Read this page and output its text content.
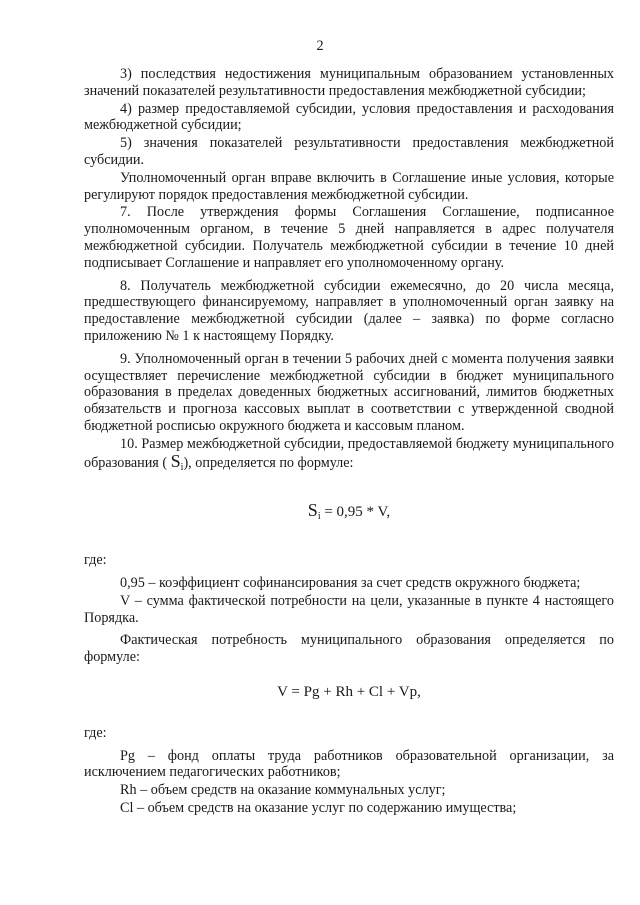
2

3) последствия недостижения муниципальным образованием установленных значений показателей результативности предоставления межбюджетной субсидии;

4) размер предоставляемой субсидии, условия предоставления и расходования межбюджетной субсидии;

5) значения показателей результативности предоставления межбюджетной субсидии.

Уполномоченный орган вправе включить в Соглашение иные условия, которые регулируют порядок предоставления межбюджетной субсидии.

7. После утверждения формы Соглашения Соглашение, подписанное уполномоченным органом, в течение 5 дней направляется в адрес получателя межбюджетной субсидии. Получатель межбюджетной субсидии в течение 10 дней подписывает Соглашение и направляет его уполномоченному органу.

8. Получатель межбюджетной субсидии ежемесячно, до 20 числа месяца, предшествующего финансируемому, направляет в уполномоченный орган заявку на предоставление межбюджетной субсидии (далее – заявка) по форме согласно приложению № 1 к настоящему Порядку.

9. Уполномоченный орган в течении 5 рабочих дней с момента получения заявки осуществляет перечисление межбюджетной субсидии в бюджет муниципального образования в пределах доведенных бюджетных ассигнований, лимитов бюджетных обязательств и прогноза кассовых выплат в соответствии с утвержденной сводной бюджетной росписью окружного бюджета и кассовым планом.

10. Размер межбюджетной субсидии, предоставляемой бюджету муниципального образования ( $S_i$), определяется по формуле:

$S_i = 0,95 * V$,

где:

0,95 – коэффициент софинансирования за счет средств окружного бюджета;

V – сумма фактической потребности на цели, указанные в пункте 4 настоящего Порядка.

Фактическая потребность муниципального образования определяется по формуле:

V = Pg + Rh + Cl + Vp,

где:

Pg – фонд оплаты труда работников образовательной организации, за исключением педагогических работников;

Rh – объем средств на оказание коммунальных услуг;

Cl – объем средств на оказание услуг по содержанию имущества;
